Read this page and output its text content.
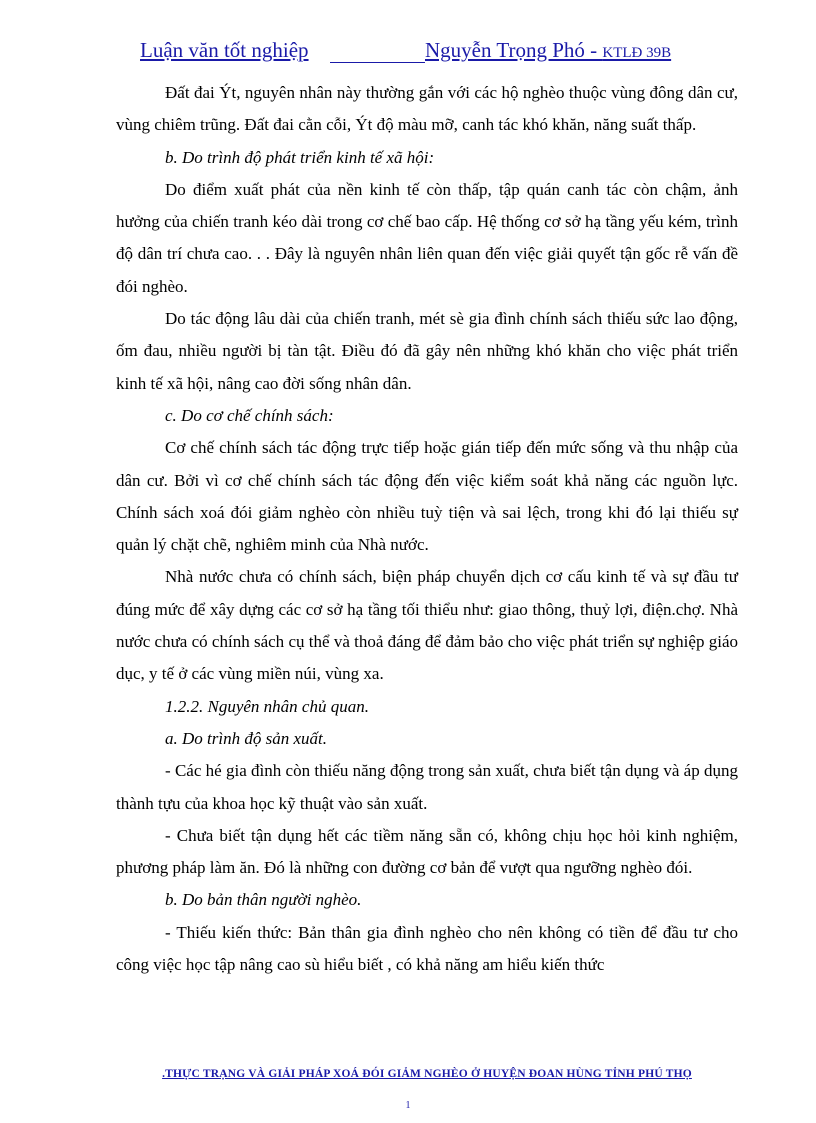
Luận văn tốt nghiệp	Nguyễn Trọng Phó - KTLĐ 39B

Đất đai Ýt, nguyên nhân này thường gắn với các hộ nghèo thuộc vùng đông dân cư, vùng chiêm trũng. Đất đai cằn cỗi, Ýt độ màu mỡ, canh tác khó khăn, năng suất thấp.

b. Do trình độ phát triển kinh tế xã hội:

Do điểm xuất phát của nền kinh tế còn thấp, tập quán canh tác còn chậm, ảnh hưởng của chiến tranh kéo dài trong cơ chế bao cấp. Hệ thống cơ sở hạ tầng yếu kém, trình độ dân trí chưa cao. . . Đây là nguyên nhân liên quan đến việc giải quyết tận gốc rễ vấn đề đói nghèo.

Do tác động lâu dài của chiến tranh, mét sè gia đình chính sách thiếu sức lao động, ốm đau, nhiều người bị tàn tật. Điều đó đã gây nên những khó khăn cho việc phát triển kinh tế xã hội, nâng cao đời sống nhân dân.

c. Do cơ chế chính sách:

Cơ chế chính sách tác động trực tiếp hoặc gián tiếp đến mức sống và thu nhập của dân cư. Bởi vì cơ chế chính sách tác động đến việc kiểm soát khả năng các nguồn lực. Chính sách xoá đói giảm nghèo còn nhiều tuỳ tiện và sai lệch, trong khi đó lại thiếu sự quản lý chặt chẽ, nghiêm minh của Nhà nước.

Nhà nước chưa có chính sách, biện pháp chuyển dịch cơ cấu kinh tế và sự đầu tư đúng mức để xây dựng các cơ sở hạ tầng tối thiểu như: giao thông, thuỷ lợi, điện.chợ. Nhà nước chưa có chính sách cụ thể và thoả đáng để đảm bảo cho việc phát triển sự nghiệp giáo dục, y tế ở các vùng miền núi, vùng xa.

1.2.2. Nguyên nhân chủ quan.

a. Do trình độ sản xuất.

- Các hé gia đình còn thiếu năng động trong sản xuất, chưa biết tận dụng và áp dụng thành tựu của khoa học kỹ thuật vào sản xuất.

- Chưa biết tận dụng hết các tiềm năng sẵn có, không chịu học hỏi kinh nghiệm, phương pháp làm ăn. Đó là những con đường cơ bản để vượt qua ngưỡng nghèo đói.

b. Do bản thân người nghèo.

- Thiếu kiến thức: Bản thân gia đình nghèo cho nên không có tiền để đầu tư cho công việc học tập nâng cao sù hiểu biết , có khả năng am hiểu kiến thức

.THỰC TRẠNG VÀ GIẢI PHÁP XOÁ ĐÓI GIẢM NGHÈO Ở HUYỆN ĐOAN HÙNG TỈNH PHÚ THỌ
1
